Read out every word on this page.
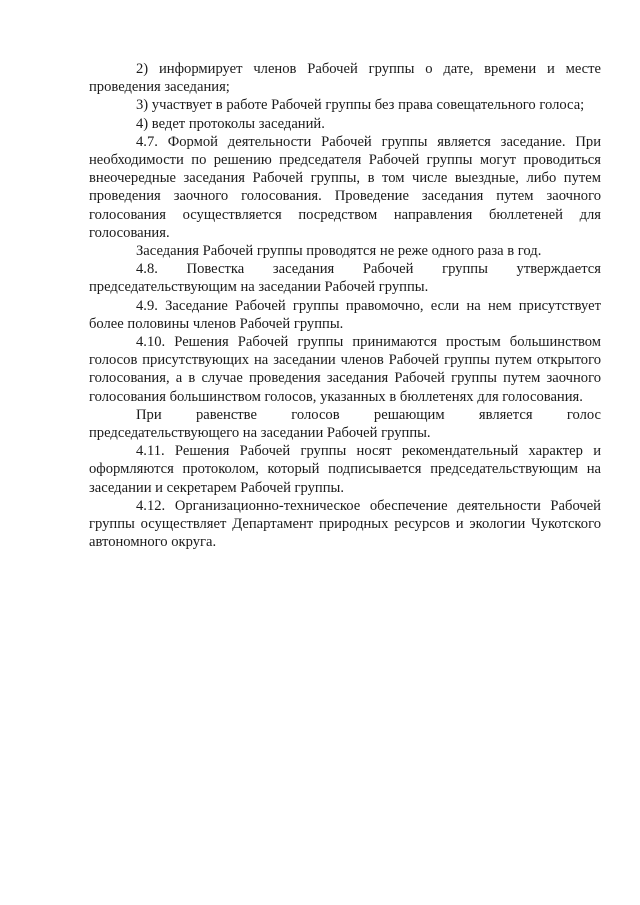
2) информирует членов Рабочей группы о дате, времени и месте проведения заседания;

3) участвует в работе Рабочей группы без права совещательного голоса;

4) ведет протоколы заседаний.

4.7. Формой деятельности Рабочей группы является заседание. При необходимости по решению председателя Рабочей группы могут проводиться внеочередные заседания Рабочей группы, в том числе выездные, либо путем проведения заочного голосования. Проведение заседания путем заочного голосования осуществляется посредством направления бюллетеней для голосования.

Заседания Рабочей группы проводятся не реже одного раза в год.

4.8. Повестка заседания Рабочей группы утверждается председательствующим на заседании Рабочей группы.

4.9. Заседание Рабочей группы правомочно, если на нем присутствует более половины членов Рабочей группы.

4.10. Решения Рабочей группы принимаются простым большинством голосов присутствующих на заседании членов Рабочей группы путем открытого голосования, а в случае проведения заседания Рабочей группы путем заочного голосования большинством голосов, указанных в бюллетенях для голосования.

При равенстве голосов решающим является голос председательствующего на заседании Рабочей группы.

4.11. Решения Рабочей группы носят рекомендательный характер и оформляются протоколом, который подписывается председательствующим на заседании и секретарем Рабочей группы.

4.12. Организационно-техническое обеспечение деятельности Рабочей группы осуществляет Департамент природных ресурсов и экологии Чукотского автономного округа.
